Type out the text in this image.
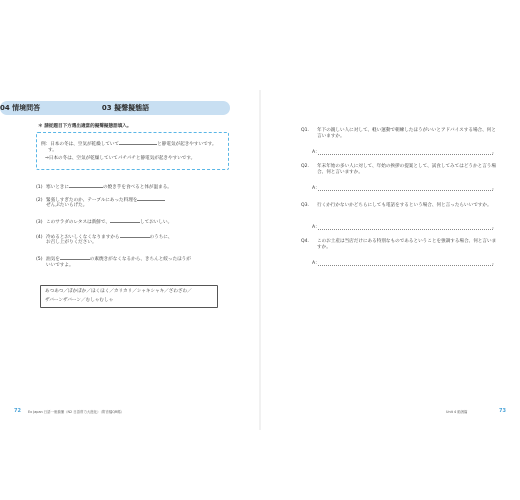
03 擬聲擬態語
＊ 請從題目下方選出適當的擬聲擬態語填入。
例：日本の冬は、空気が乾燥していて	と静電気が起きやすいです。
す。
⇒日本の冬は、空気が乾燥していてパチパチと静電気が起きやすいです。
(1) 寒いときに	の焼き芋を食べると体が温まる。
(2) 緊張しすぎたのか、テーブルにあった料理を
ぜんぶたいらげた。
(3) このサラダのレタスは新鮮で、	しておいしい。
(4) 冷めるとおいしくなくなりますから	のうちに、
お召し上がりください。
(5) 油気を	の素焼きがなくなるから、きちんと絞ったほうが
いいですよ。
あつあつ／ぽかぽか／ほくほく／カリカリ／シャキシャキ／ざわざわ／
ザバーンザバーン／むしゃむしゃ
72 Ex Japan 日語一冊搞懂（N2 日語實力大進化）（附音檔QR碼）
04 情境問答
Q1.	年下の親しい人に対して、軽い運動で朝練したほうがいいとアドバイスする場合、何と言いますか。
A：	。
Q2.	年末年始の多い人に対して、年始の挨拶の提案として、試食してみてはどうかと言う場合、何と言いますか。
A：	。
Q3.	行くか行かないかどちらにしても電話をするという場合、何と言ったらいいですか。
A：	。
Q4.	このお土産は当店だけにある特別なものであるということを強調する場合、何と言いますか。
A：	。
Unit 4 勧誘篇	73
